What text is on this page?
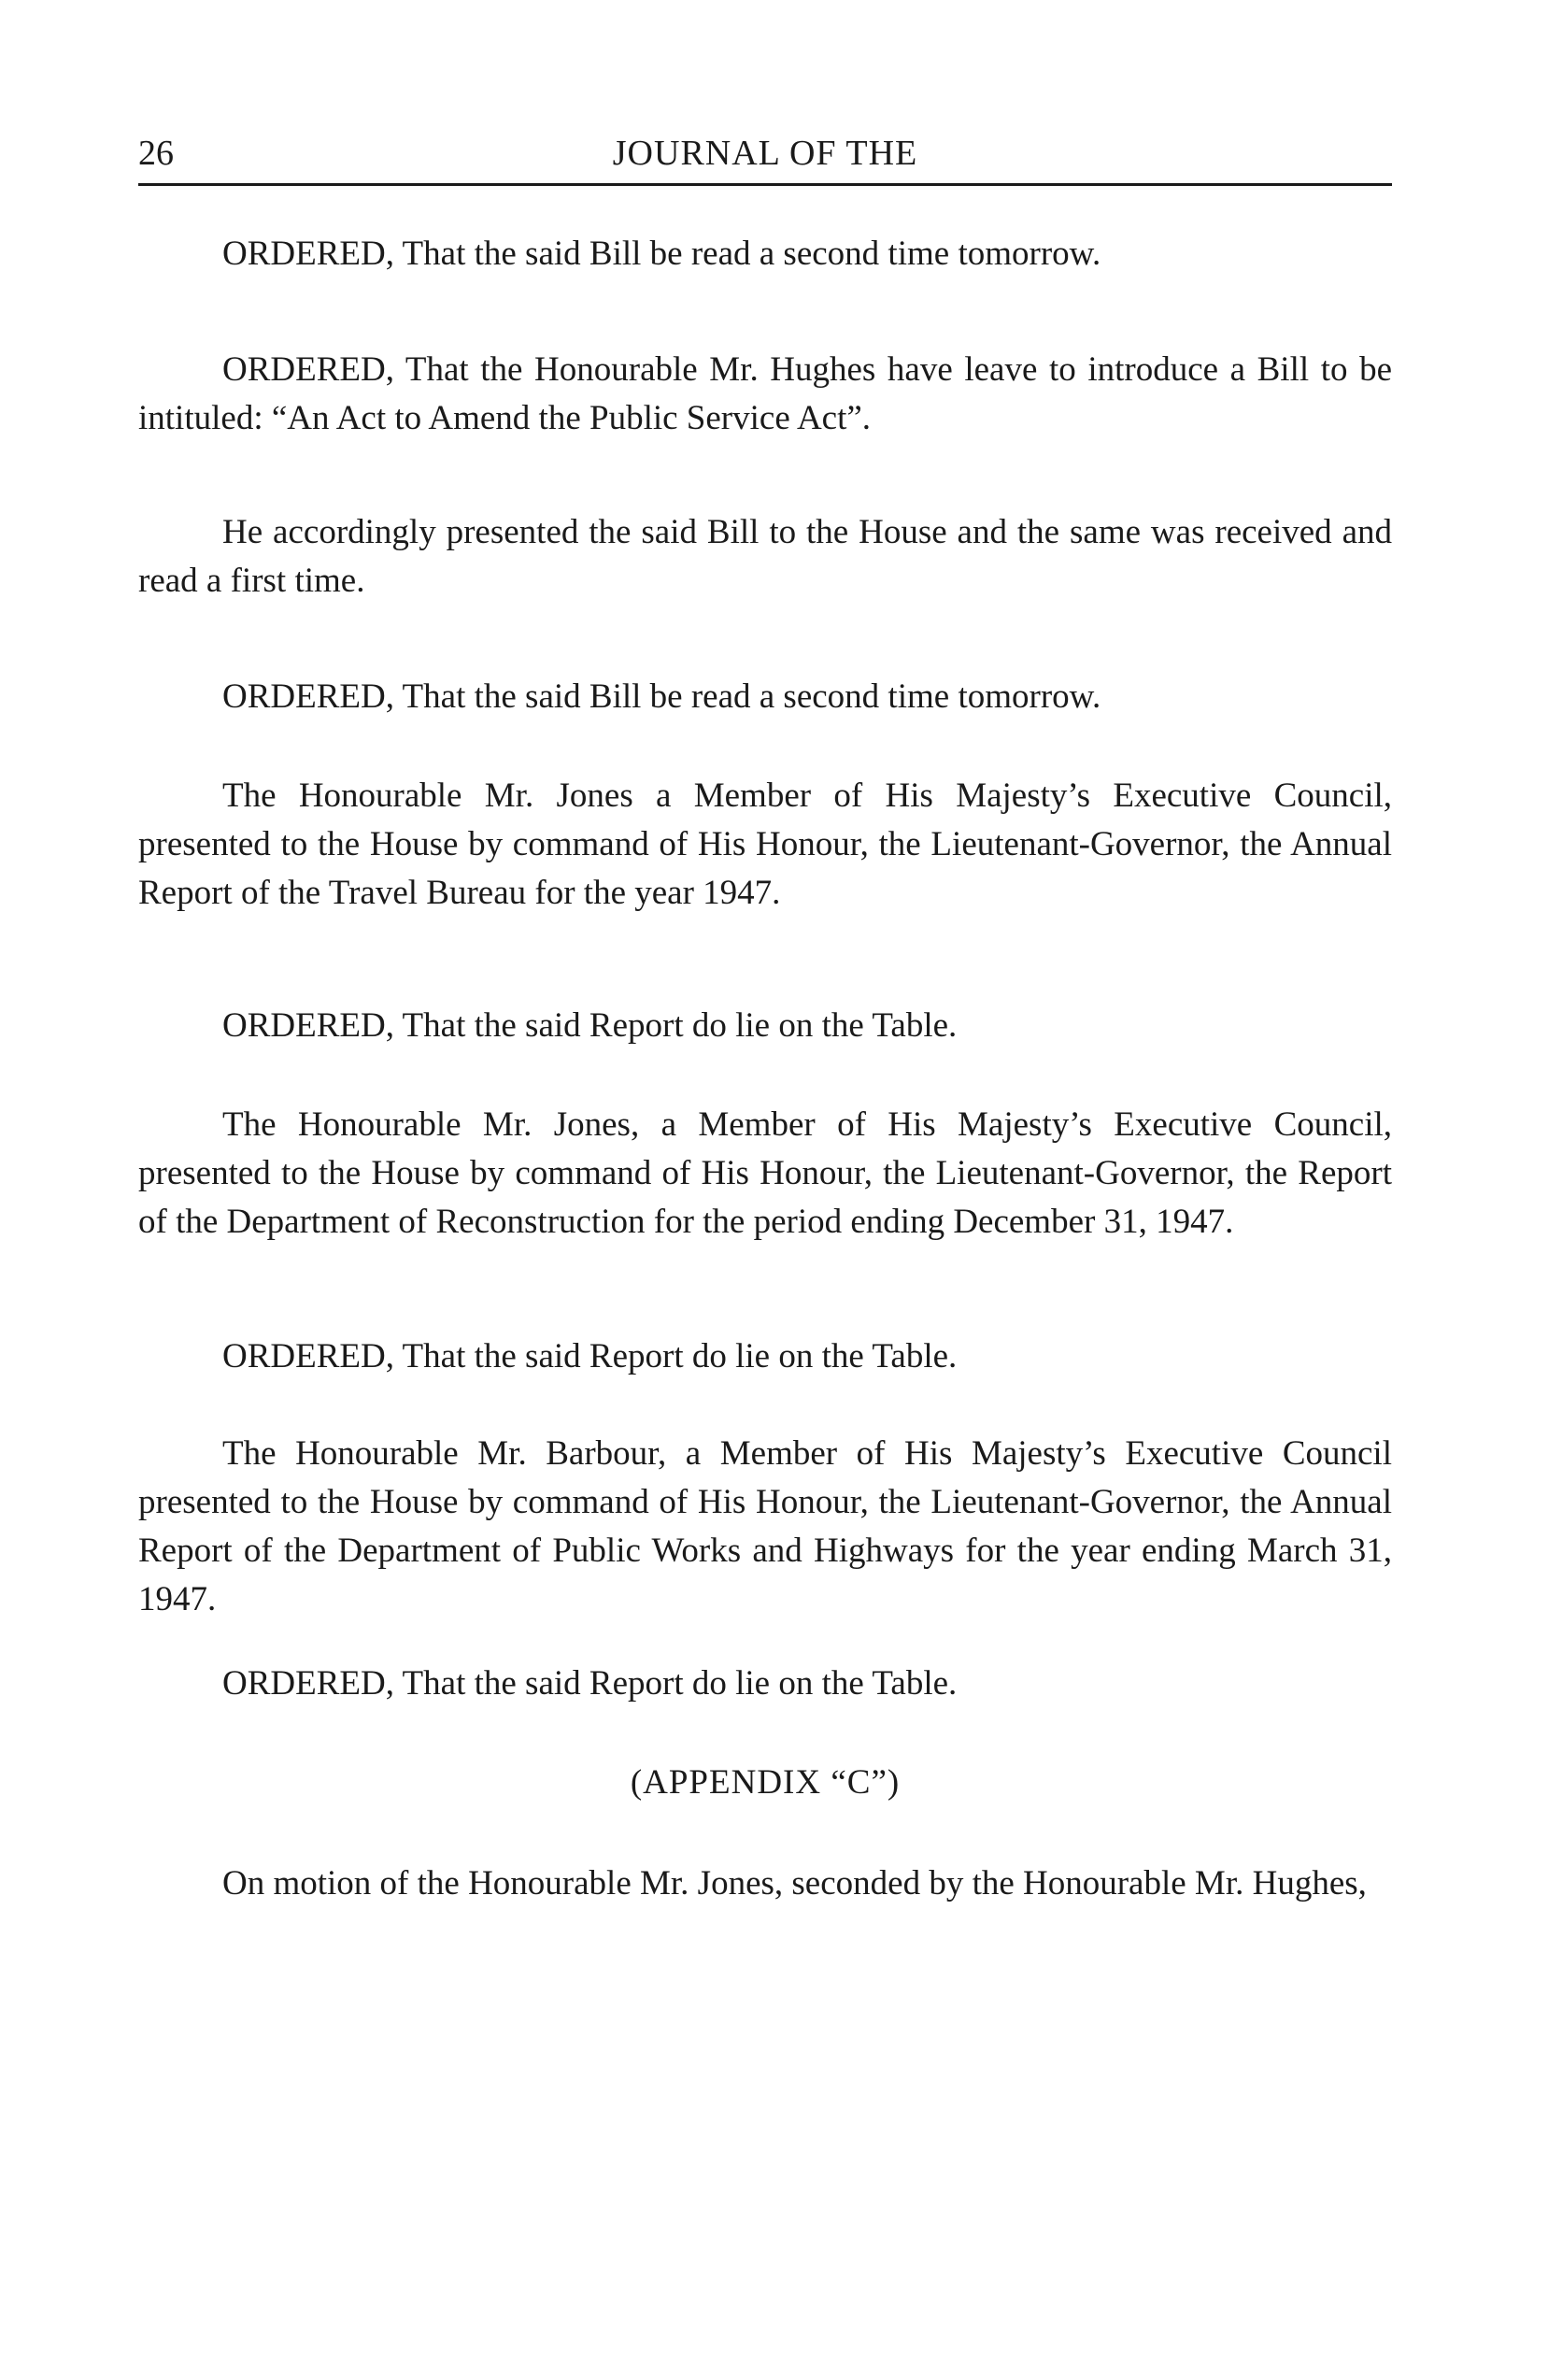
26	JOURNAL OF THE

ORDERED, That the said Bill be read a second time tomorrow.

ORDERED, That the Honourable Mr. Hughes have leave to introduce a Bill to be intituled: “An Act to Amend the Public Service Act”.

He accordingly presented the said Bill to the House and the same was received and read a first time.

ORDERED, That the said Bill be read a second time tomorrow.

The Honourable Mr. Jones a Member of His Majesty’s Executive Council, presented to the House by command of His Honour, the Lieutenant-Governor, the Annual Report of the Travel Bureau for the year 1947.

ORDERED, That the said Report do lie on the Table.

The Honourable Mr. Jones, a Member of His Majesty’s Executive Council, presented to the House by command of His Honour, the Lieutenant-Governor, the Report of the Department of Reconstruction for the period ending December 31, 1947.

ORDERED, That the said Report do lie on the Table.

The Honourable Mr. Barbour, a Member of His Majesty’s Executive Council presented to the House by command of His Honour, the Lieutenant-Governor, the Annual Report of the Department of Public Works and Highways for the year ending March 31, 1947.

ORDERED, That the said Report do lie on the Table.

(APPENDIX “C”)

On motion of the Honourable Mr. Jones, seconded by the Honourable Mr. Hughes,
